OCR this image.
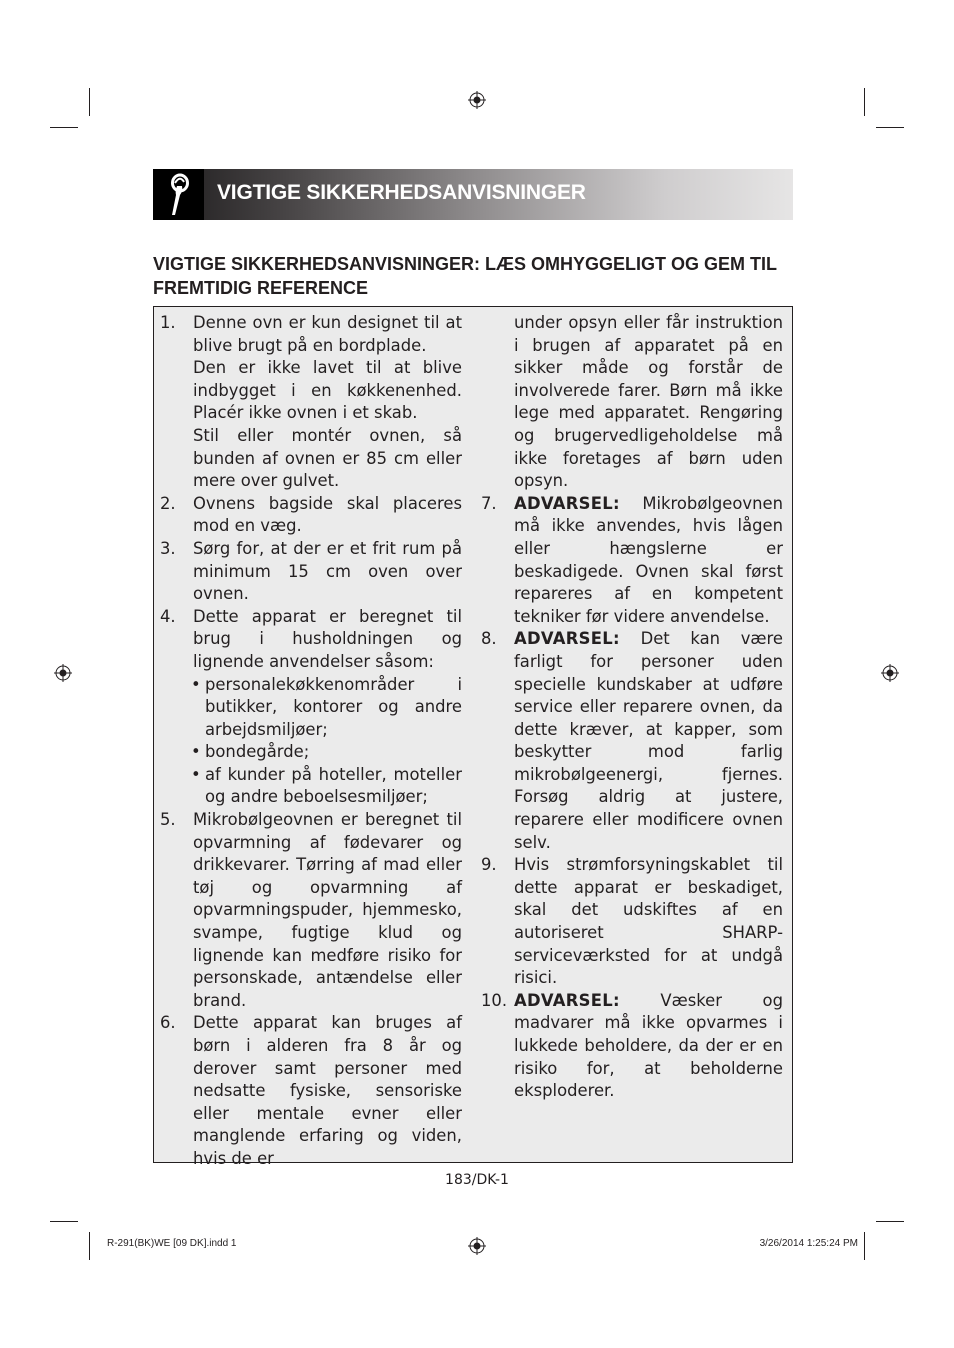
VIGTIGE SIKKERHEDSANVISNINGER
VIGTIGE SIKKERHEDSANVISNINGER: LÆS OMHYGGELIGT OG GEM TIL FREMTIDIG REFERENCE
1.	Denne ovn er kun designet til at blive brugt på en bordplade.
Den er ikke lavet til at blive indbygget i en køkkenenhed. Placér ikke ovnen i et skab.
Stil eller montér ovnen, så bunden af ovnen er 85 cm eller mere over gulvet.
2.	Ovnens bagside skal placeres mod en væg.
3.	Sørg for, at der er et frit rum på minimum 15 cm oven over ovnen.
4.	Dette apparat er beregnet til brug i husholdningen og lignende anvendelser såsom:
• personalekøkkenområder i butikker, kontorer og andre arbejdsmiljøer;
• bondegårde;
• af kunder på hoteller, moteller og andre beboelsesmiljøer;
5.	Mikrobølgeovnen er beregnet til opvarmning af fødevarer og drikkevarer. Tørring af mad eller tøj og opvarmning af opvarmningspuder, hjemmesko, svampe, fugtige klud og lignende kan medføre risiko for personskade, antændelse eller brand.
6.	Dette apparat kan bruges af børn i alderen fra 8 år og derover samt personer med nedsatte fysiske, sensoriske eller mentale evner eller manglende erfaring og viden, hvis de er
under opsyn eller får instruktion i brugen af apparatet på en sikker måde og forstår de involverede farer. Børn må ikke lege med apparatet. Rengøring og brugervedligeholdelse må ikke foretages af børn uden opsyn.
7.	ADVARSEL: Mikrobølgeovnen må ikke anvendes, hvis lågen eller hængslerne er beskadigede. Ovnen skal først repareres af en kompetent tekniker før videre anvendelse.
8.	ADVARSEL: Det kan være farligt for personer uden specielle kundskaber at udføre service eller reparere ovnen, da dette kræver, at kapper, som beskytter mod farlig mikrobølgeenergi, fjernes. Forsøg aldrig at justere, reparere eller modificere ovnen selv.
9.	Hvis strømforsyningskablet til dette apparat er beskadiget, skal det udskiftes af en autoriseret SHARP-serviceværksted for at undgå risici.
10. ADVARSEL: Væsker og madvarer må ikke opvarmes i lukkede beholdere, da der er en risiko for, at beholderne eksploderer.
183/DK-1
R-291(BK)WE [09 DK].indd 1	3/26/2014 1:25:24 PM
